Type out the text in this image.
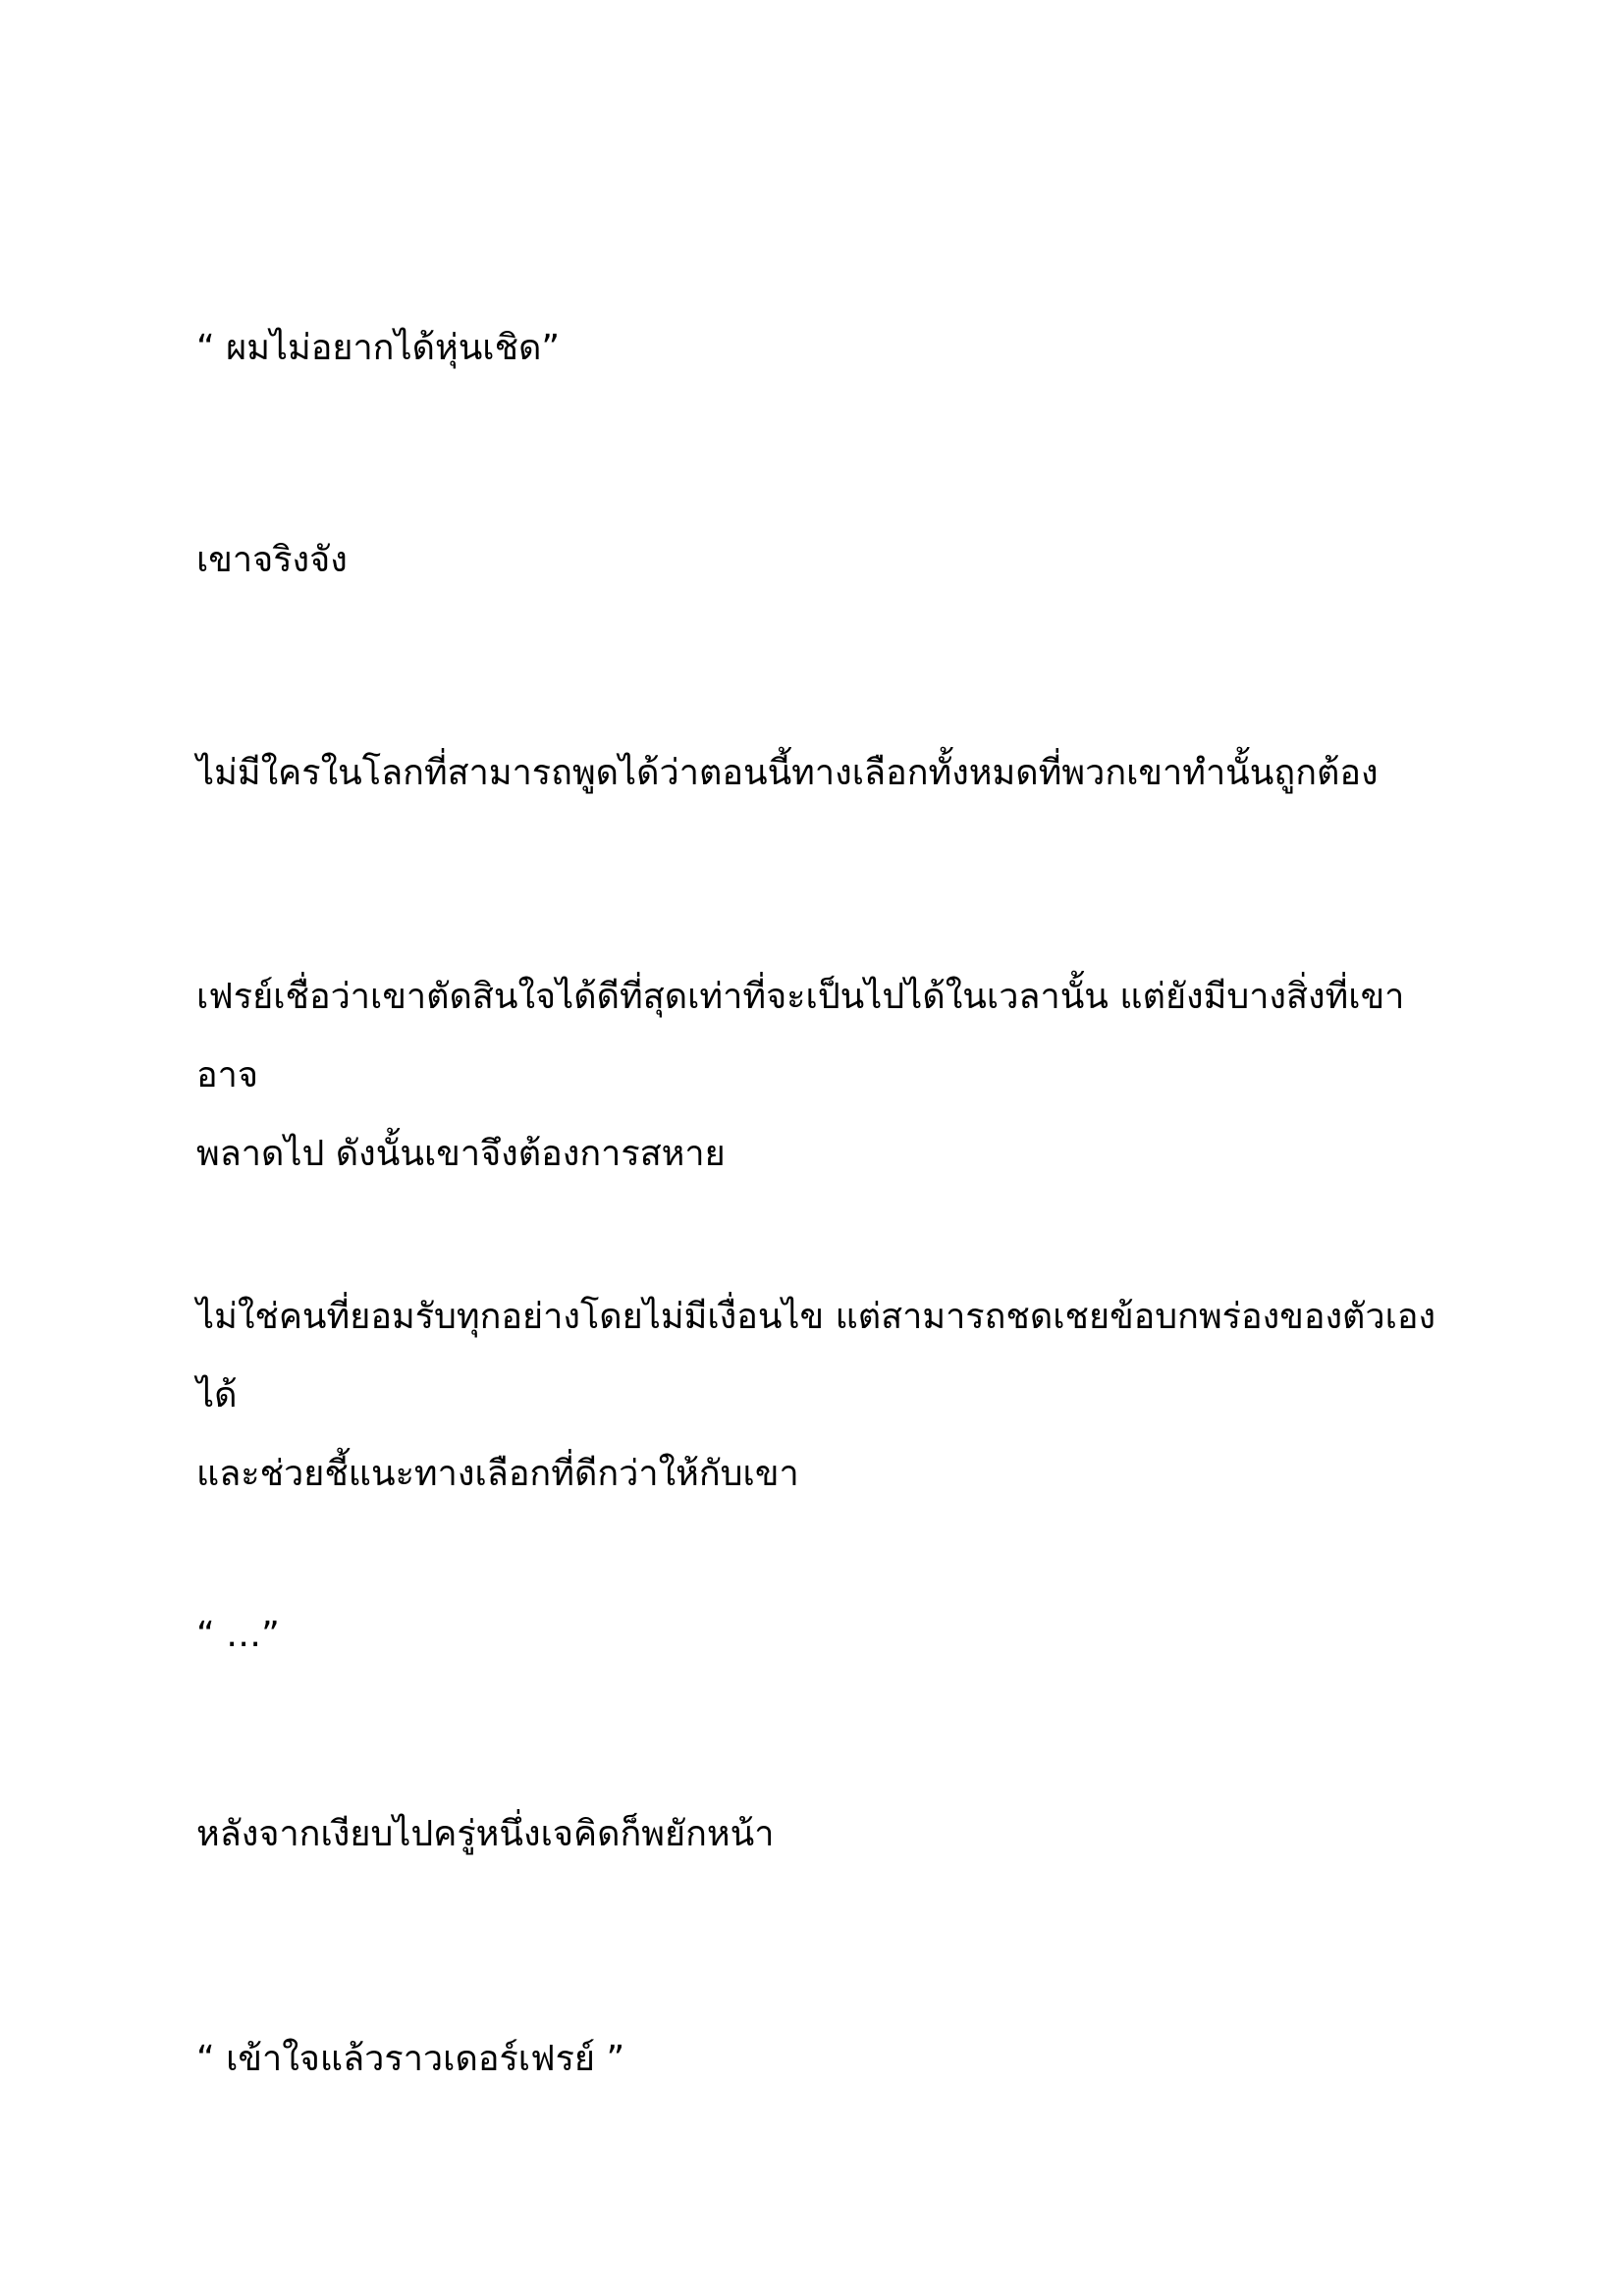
“ ผมไม่อยากได้หุ่นเชิด”

เขาจริงจัง

ไม่มีใครในโลกที่สามารถพูดได้ว่าตอนนี้ทางเลือกทั้งหมดที่พวกเขาทำนั้นถูกต้อง

เฟรย์เชื่อว่าเขาตัดสินใจได้ดีที่สุดเท่าที่จะเป็นไปได้ในเวลานั้น แต่ยังมีบางสิ่งที่เขาอาจ
พลาดไป ดังนั้นเขาจึงต้องการสหาย

ไม่ใช่คนที่ยอมรับทุกอย่างโดยไม่มีเงื่อนไข แต่สามารถชดเชยข้อบกพร่องของตัวเองได้
และช่วยชี้แนะทางเลือกที่ดีกว่าให้กับเขา

“ …”

หลังจากเงียบไปครู่หนึ่งเจคิดก็พยักหน้า

“ เข้าใจแล้วราวเดอร์เฟรย์ ”
